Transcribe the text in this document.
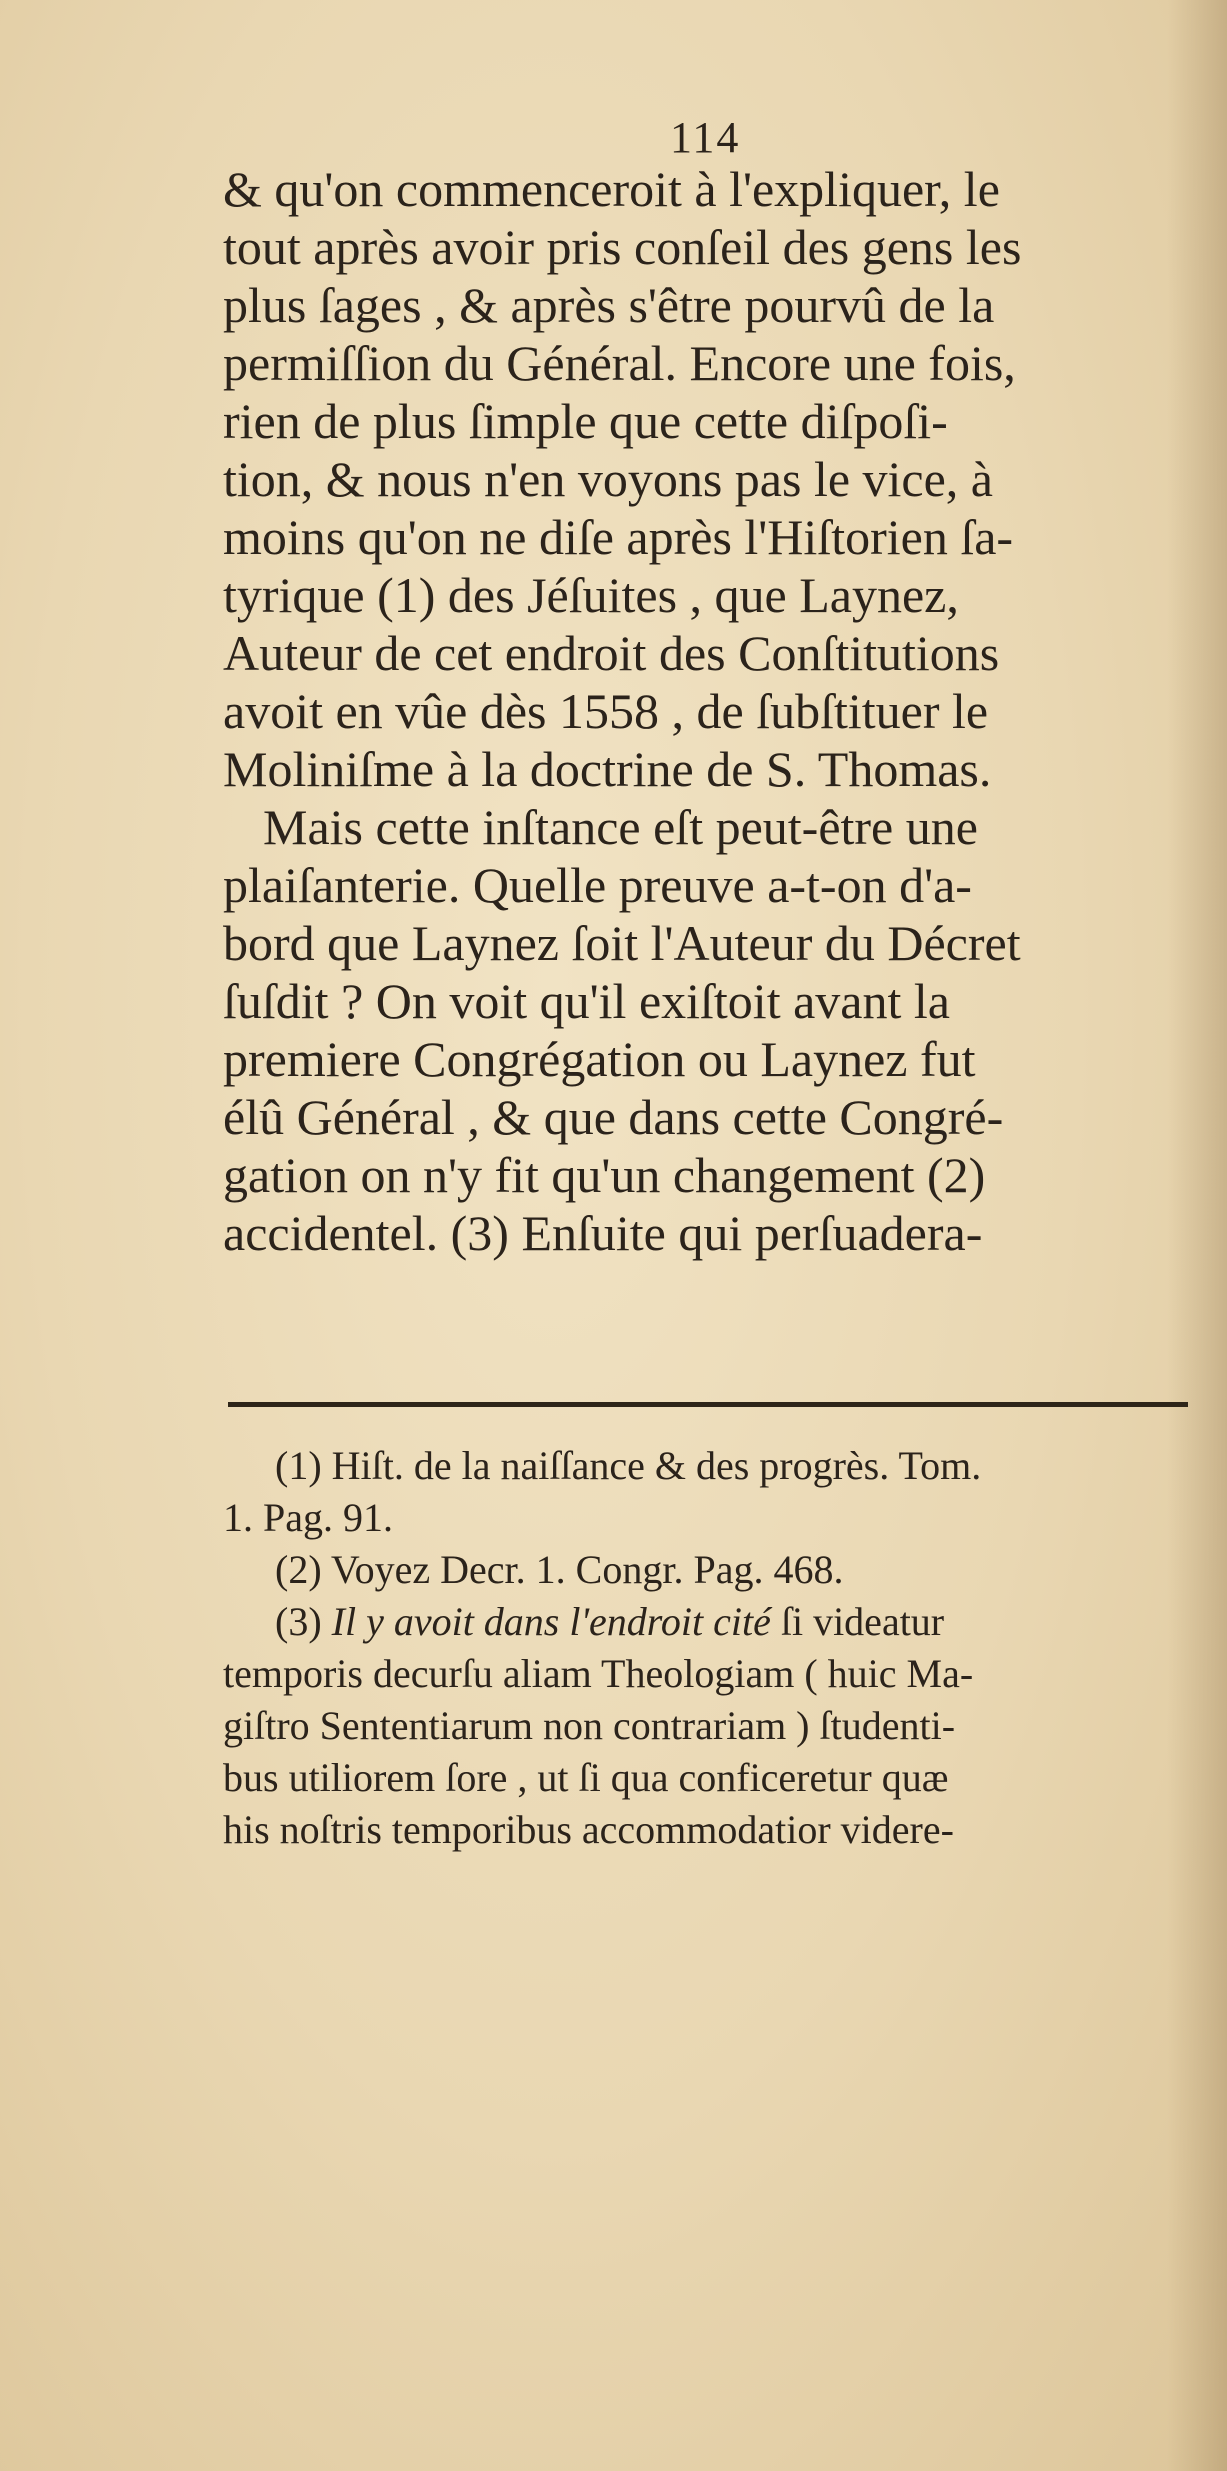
114
& qu'on commenceroit à l'expliquer, le
tout après avoir pris conſeil des gens les
plus ſages , & après s'être pourvû de la
permiſſion du Général. Encore une fois,
rien de plus ſimple que cette diſpoſi-
tion, & nous n'en voyons pas le vice, à
moins qu'on ne diſe après l'Hiſtorien ſa-
tyrique (1) des Jéſuites , que Laynez,
Auteur de cet endroit des Conſtitutions
avoit en vûe dès 1558 , de ſubſtituer le
Moliniſme à la doctrine de S. Thomas.
Mais cette inſtance eſt peut-être une
plaiſanterie. Quelle preuve a-t-on d'a-
bord que Laynez ſoit l'Auteur du Décret
ſuſdit ? On voit qu'il exiſtoit avant la
premiere Congrégation ou Laynez fut
élû Général , & que dans cette Congré-
gation on n'y fit qu'un changement (2)
accidentel. (3) Enſuite qui perſuadera-
(1) Hiſt. de la naiſſance & des progrès. Tom.
1. Pag. 91.
(2) Voyez Decr. 1. Congr. Pag. 468.
(3) Il y avoit dans l'endroit cité ſi videatur
temporis decurſu aliam Theologiam ( huic Ma-
giſtro Sententiarum non contrariam ) ſtudenti-
bus utiliorem ſore , ut ſi qua conficeretur quæ
his noſtris temporibus accommodatior videre-
